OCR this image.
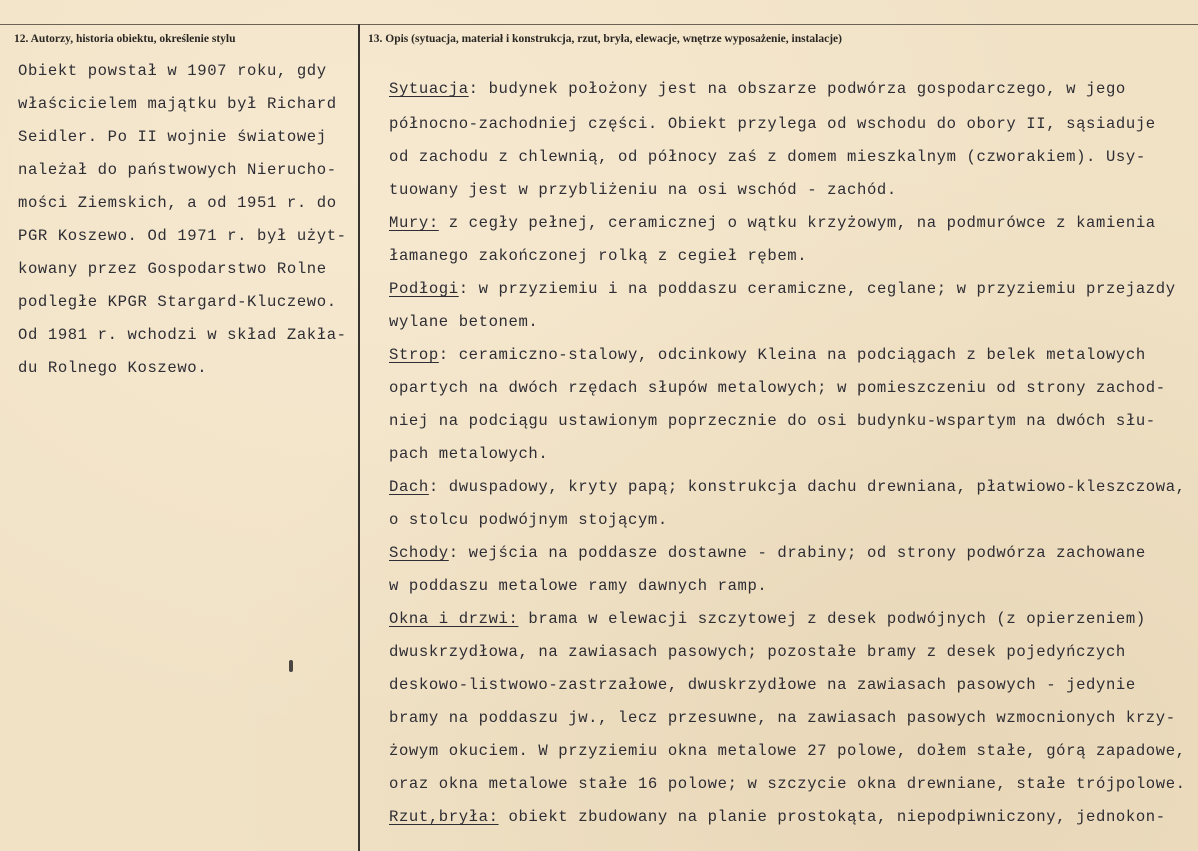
12. Autorzy, historia obiektu, określenie stylu	13. Opis (sytuacja, materiał i konstrukcja, rzut, bryła, elewacje, wnętrze wyposażenie, instalacje)
Obiekt powstał w 1907 roku, gdy
właścicielem majątku był Richard
Seidler. Po II wojnie światowej
należał do państwowych Nierucho-
mości Ziemskich, a od 1951 r. do
PGR Koszewo. Od 1971 r. był użyt-
kowany przez Gospodarstwo Rolne
podległe KPGR Stargard-Kluczewo.
Od 1981 r. wchodzi w skład Zakła-
du Rolnego Koszewo.
Sytuacja: budynek położony jest na obszarze podwórza gospodarczego, w jego
północno-zachodniej części. Obiekt przylega od wschodu do obory II, sąsiaduje
od zachodu z chlewnią, od północy zaś z domem mieszkalnym (czworakiem). Usy-
tuowany jest w przybliżeniu na osi wschód - zachód.
Mury: z cegły pełnej, ceramicznej o wątku krzyżowym, na podmurówce z kamienia
łamanego zakończonej rolką z cegieł rębem.
Podłogi: w przyziemiu i na poddaszu ceramiczne, ceglane; w przyziemiu przejazdy
wylane betonem.
Strop: ceramiczno-stalowy, odcinkowy Kleina na podciągach z belek metalowych
opartych na dwóch rzędach słupów metalowych; w pomieszczeniu od strony zachod-
niej na podciągu ustawionym poprzecznie do osi budynku-wspartym na dwóch słu-
pach metalowych.
Dach: dwuspadowy, kryty papą; konstrukcja dachu drewniana, płatwiowo-kleszczowa,
o stolcu podwójnym stojącym.
Schody: wejścia na poddasze dostawne - drabiny; od strony podwórza zachowane
w poddaszu metalowe ramy dawnych ramp.
Okna i drzwi: brama w elewacji szczytowej z desek podwójnych (z opierzeniem)
dwuskrzydłowa, na zawiasach pasowych; pozostałe bramy z desek pojedyńczych
deskowo-listwowo-zastrzałowe, dwuskrzydłowe na zawiasach pasowych - jedynie
bramy na poddaszu jw., lecz przesuwne, na zawiasach pasowych wzmocnionych krzy-
żowym okuciem. W przyziemiu okna metalowe 27 polowe, dołem stałe, górą zapadowe,
oraz okna metalowe stałe 16 polowe; w szczycie okna drewniane, stałe trójpolowe.
Rzut,bryła: obiekt zbudowany na planie prostokąta, niepodpiwniczony, jednokon-
